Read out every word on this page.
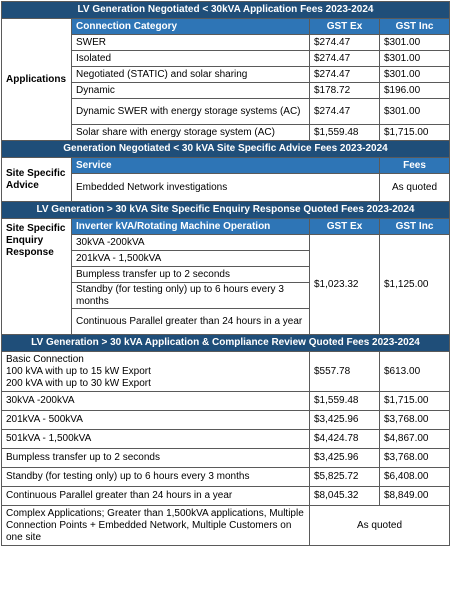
LV Generation Negotiated < 30kVA Application Fees 2023-2024			
Applications	Connection Category	GST Ex	GST Inc
	SWER	$274.47	$301.00
	Isolated	$274.47	$301.00
	Negotiated (STATIC) and solar sharing	$274.47	$301.00
	Dynamic	$178.72	$196.00
	Dynamic SWER with energy storage systems (AC)	$274.47	$301.00
	Solar share with energy storage system (AC)	$1,559.48	$1,715.00
Generation Negotiated < 30 kVA Site Specific Advice Fees 2023-2024			
Site Specific Advice	Service		Fees
	Embedded Network investigations		As quoted
LV Generation > 30 kVA Site Specific Enquiry Response Quoted Fees 2023-2024			
Site Specific Enquiry Response	Inverter kVA/Rotating Machine Operation	GST Ex	GST Inc
	30kVA -200kVA	$1,023.32	$1,125.00
	201kVA - 1,500kVA		
	Bumpless transfer up to 2 seconds		
	Standby (for testing only) up to 6 hours every 3 months		
	Continuous Parallel greater than 24 hours in a year		
LV Generation > 30 kVA Application & Compliance Review Quoted Fees 2023-2024			

Basic Connection
100 kVA with up to 15 kW Export
200 kVA with up to 30 kW Export		$557.78	$613.00
30kVA -200kVA		$1,559.48	$1,715.00
201kVA - 500kVA		$3,425.96	$3,768.00
501kVA - 1,500kVA		$4,424.78	$4,867.00
Bumpless transfer up to 2 seconds		$3,425.96	$3,768.00
Standby (for testing only) up to 6 hours every 3 months		$5,825.72	$6,408.00
Continuous Parallel greater than 24 hours in a year		$8,045.32	$8,849.00
Complex Applications; Greater than 1,500kVA applications, Multiple Connection Points + Embedded Network, Multiple Customers on one site		As quoted	
